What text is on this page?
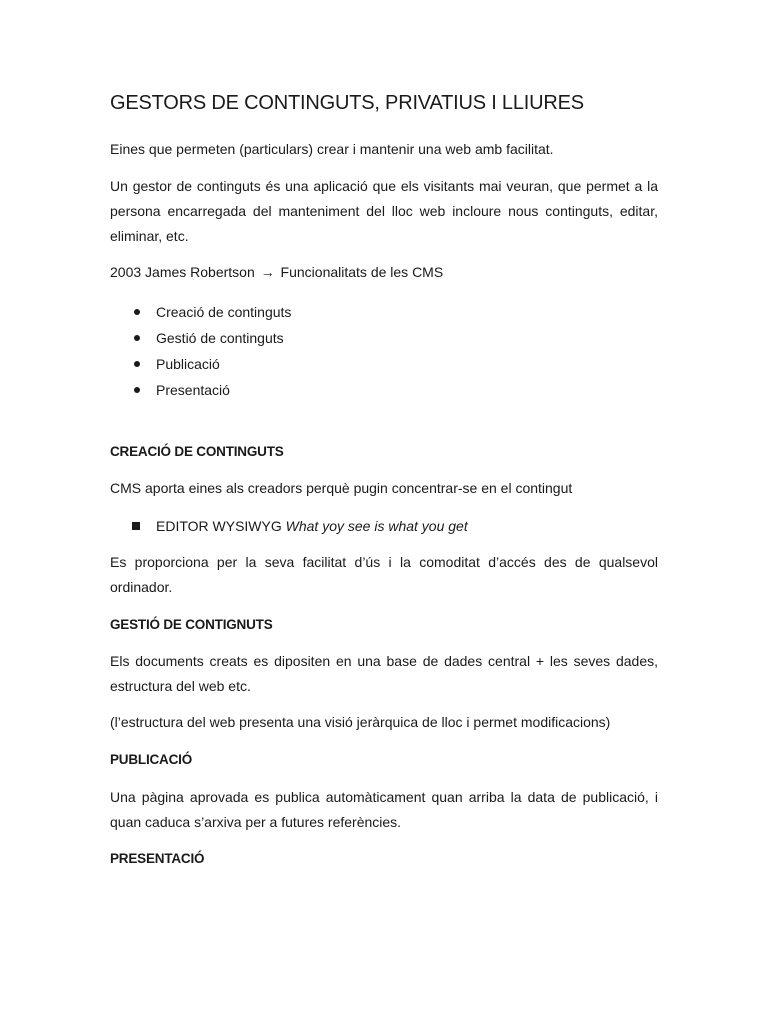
GESTORS DE CONTINGUTS, PRIVATIUS I LLIURES

Eines que permeten (particulars) crear i mantenir una web amb facilitat.

Un gestor de continguts és una aplicació que els visitants mai veuran, que permet a la persona encarregada del manteniment del lloc web incloure nous continguts, editar, eliminar, etc.

2003 James Robertson → Funcionalitats de les CMS

Creació de continguts
Gestió de continguts
Publicació
Presentació
CREACIÓ DE CONTINGUTS

CMS aporta eines als creadors perquè pugin concentrar-se en el contingut

EDITOR WYSIWYG What yoy see is what you get

Es proporciona per la seva facilitat d’ús i la comoditat d’accés des de qualsevol ordinador.

GESTIÓ DE CONTIGNUTS

Els documents creats es dipositen en una base de dades central + les seves dades, estructura del web etc.

(l’estructura del web presenta una visió jeràrquica de lloc i permet modificacions)

PUBLICACIÓ

Una pàgina aprovada es publica automàticament quan arriba la data de publicació, i quan caduca s’arxiva per a futures referències.

PRESENTACIÓ
